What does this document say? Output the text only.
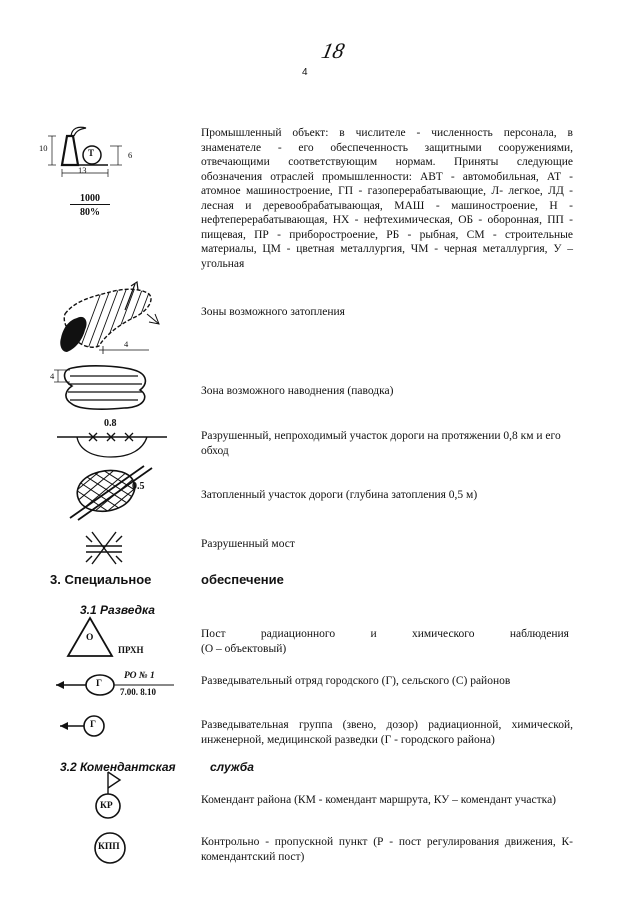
18
4
Т
10
13
6
1000
80%
Промышленный объект: в числителе - численность персонала, в знаменателе - его обеспеченность защитными сооружениями, отвечающими соответствующим нормам. Приняты следующие обозначения отраслей промышленности: АВТ - автомобильная, АТ - атомное машиностроение, ГП - газоперерабатывающие, Л- легкое, ЛД - лесная и деревообрабатывающая, МАШ - машиностроение, Н - нефтеперерабатывающая, НХ - нефтехимическая, ОБ - оборонная, ПП - пищевая, ПР - приборостроение, РБ - рыбная, СМ - строительные материалы, ЦМ - цветная металлургия, ЧМ - черная металлургия, У – угольная
4
Зоны возможного затопления
4
Зона возможного наводнения (паводка)
0.8
Разрушенный, непроходимый участок дороги на протяжении 0,8 км и его обход
0.5
Затопленный участок дороги (глубина затопления 0,5 м)
Разрушенный мост
3. Специальное	обеспечение
3.1 Разведка
О
ПРХН
Пост	радиационного	и	химического	наблюдения
(О – объектовый)
Г
РО № 1
7.00. 8.10
Разведывательный отряд городского (Г), сельского (С) районов
Г	Разведывательная группа (звено, дозор) радиационной, химической, инженерной, медицинской разведки (Г - городского района)
3.2 Комендантская	служба
КР	Комендант района (КМ - комендант маршрута, КУ – комендант участка)
КПП	Контрольно - пропускной пункт (Р - пост регулирования движения, К- комендантский пост)
